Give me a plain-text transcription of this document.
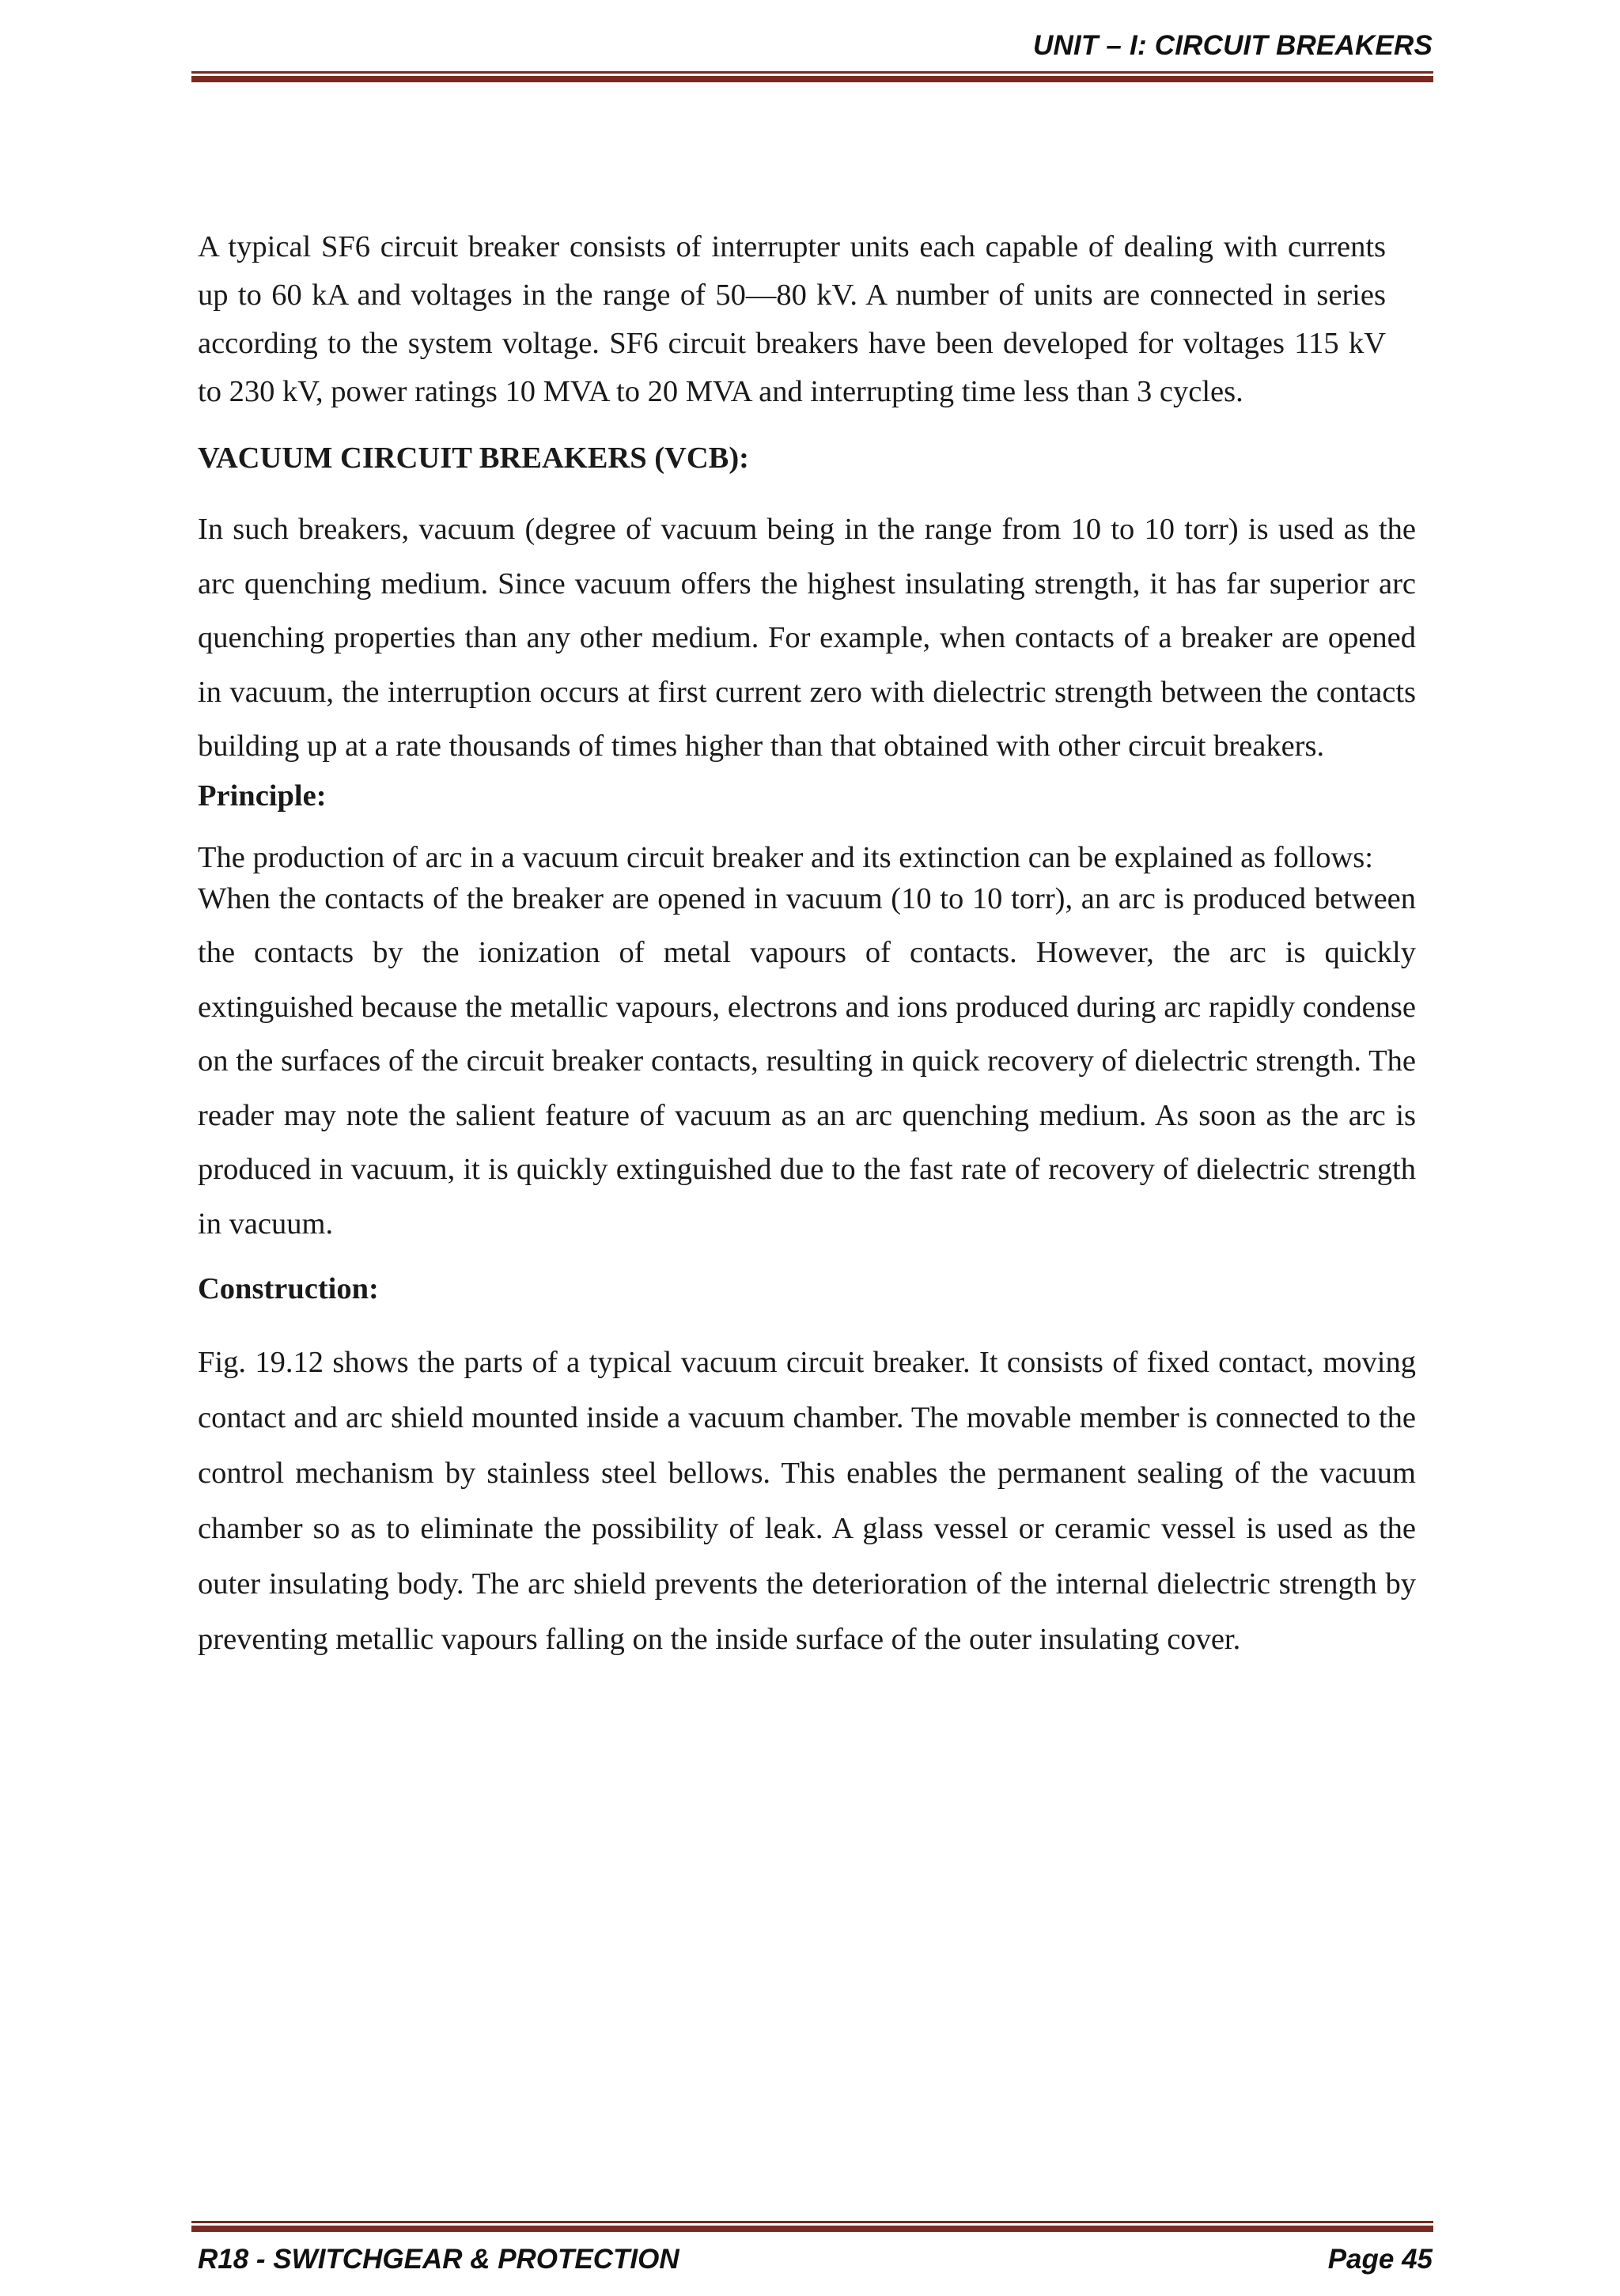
UNIT – I: CIRCUIT BREAKERS

A typical SF6 circuit breaker consists of interrupter units each capable of dealing with currents up to 60 kA and voltages in the range of 50—80 kV. A number of units are connected in series according to the system voltage. SF6 circuit breakers have been developed for voltages 115 kV to 230 kV, power ratings 10 MVA to 20 MVA and interrupting time less than 3 cycles.

VACUUM CIRCUIT BREAKERS (VCB):

In such breakers, vacuum (degree of vacuum being in the range from 10 to 10 torr) is used as the arc quenching medium. Since vacuum offers the highest insulating strength, it has far superior arc quenching properties than any other medium. For example, when contacts of a breaker are opened in vacuum, the interruption occurs at first current zero with dielectric strength between the contacts building up at a rate thousands of times higher than that obtained with other circuit breakers.

Principle:

The production of arc in a vacuum circuit breaker and its extinction can be explained as follows:

When the contacts of the breaker are opened in vacuum (10 to 10 torr), an arc is produced between the contacts by the ionization of metal vapours of contacts. However, the arc is quickly extinguished because the metallic vapours, electrons and ions produced during arc rapidly condense on the surfaces of the circuit breaker contacts, resulting in quick recovery of dielectric strength. The reader may note the salient feature of vacuum as an arc quenching medium. As soon as the arc is produced in vacuum, it is quickly extinguished due to the fast rate of recovery of dielectric strength in vacuum.

Construction:

Fig. 19.12 shows the parts of a typical vacuum circuit breaker. It consists of fixed contact, moving contact and arc shield mounted inside a vacuum chamber. The movable member is connected to the control mechanism by stainless steel bellows. This enables the permanent sealing of the vacuum chamber so as to eliminate the possibility of leak. A glass vessel or ceramic vessel is used as the outer insulating body. The arc shield prevents the deterioration of the internal dielectric strength by preventing metallic vapours falling on the inside surface of the outer insulating cover.

R18 - SWITCHGEAR & PROTECTION	Page 45
